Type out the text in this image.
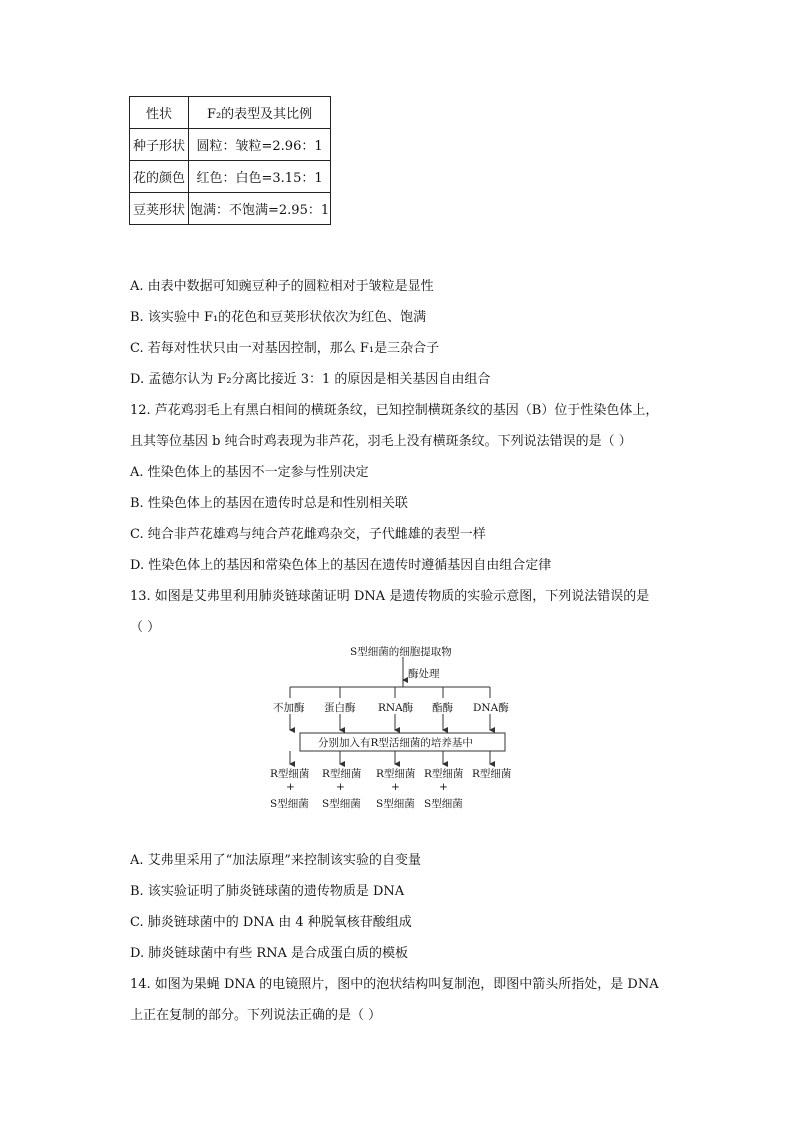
性状	F₂的表型及其比例
种子形状	圆粒：皱粒=2.96：1
花的颜色	红色：白色=3.15：1
豆荚形状	饱满：不饱满=2.95：1
A. 由表中数据可知豌豆种子的圆粒相对于皱粒是显性
B. 该实验中 F₁的花色和豆荚形状依次为红色、饱满
C. 若每对性状只由一对基因控制，那么 F₁是三杂合子
D. 孟德尔认为 F₂分离比接近 3：1 的原因是相关基因自由组合
12. 芦花鸡羽毛上有黑白相间的横斑条纹，已知控制横斑条纹的基因（B）位于性染色体上，
且其等位基因 b 纯合时鸡表现为非芦花，羽毛上没有横斑条纹。下列说法错误的是（ ）
A. 性染色体上的基因不一定参与性别决定
B. 性染色体上的基因在遗传时总是和性别相关联
C. 纯合非芦花雄鸡与纯合芦花雌鸡杂交，子代雌雄的表型一样
D. 性染色体上的基因和常染色体上的基因在遗传时遵循基因自由组合定律
13. 如图是艾弗里利用肺炎链球菌证明 DNA 是遗传物质的实验示意图，下列说法错误的是
（ ）
S型细菌的细胞提取物
酶处理
不加酶 蛋白酶 RNA酶 酯酶 DNA酶
分别加入有R型活细菌的培养基中
R型细菌 R型细菌 R型细菌 R型细菌 R型细菌
+	+	+	+
S型细菌 S型细菌 S型细菌 S型细菌
A. 艾弗里采用了“加法原理”来控制该实验的自变量
B. 该实验证明了肺炎链球菌的遗传物质是 DNA
C. 肺炎链球菌中的 DNA 由 4 种脱氧核苷酸组成
D. 肺炎链球菌中有些 RNA 是合成蛋白质的模板
14. 如图为果蝇 DNA 的电镜照片，图中的泡状结构叫复制泡，即图中箭头所指处，是 DNA
上正在复制的部分。下列说法正确的是（ ）
